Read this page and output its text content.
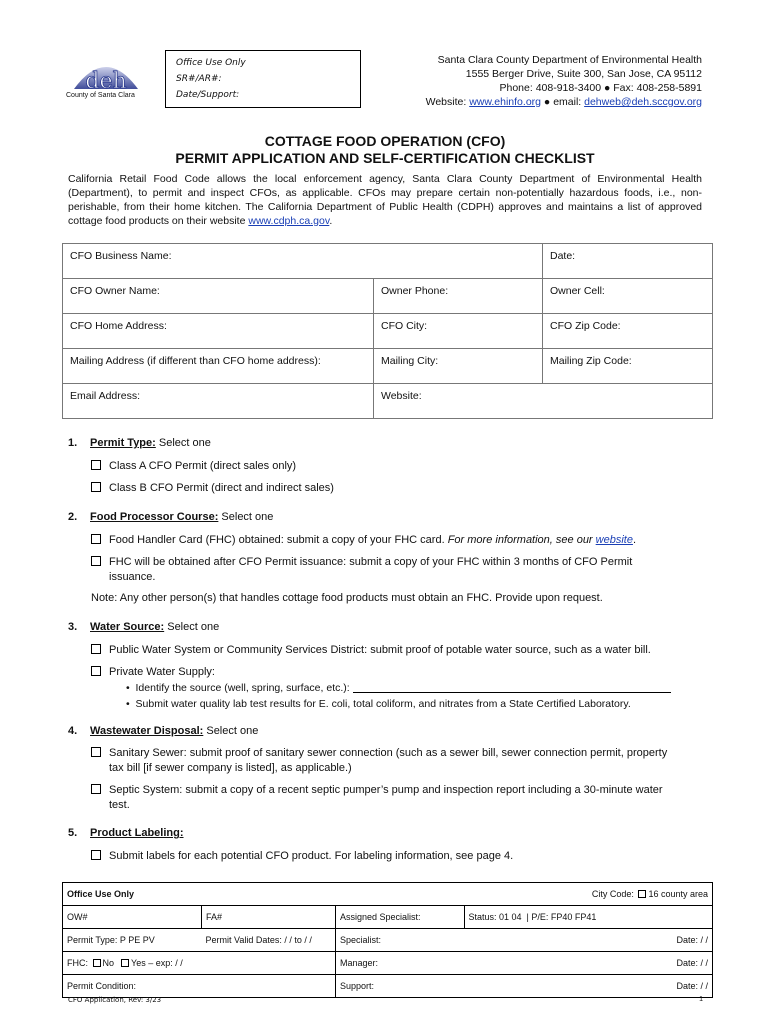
deh
County of Santa Clara
Office Use Only
SR#/AR#:
Date/Support:
Santa Clara County Department of Environmental Health
1555 Berger Drive, Suite 300, San Jose, CA 95112
Phone: 408-918-3400 ● Fax: 408-258-5891
Website: www.ehinfo.org ● email: dehweb@deh.sccgov.org
COTTAGE FOOD OPERATION (CFO)
PERMIT APPLICATION AND SELF-CERTIFICATION CHECKLIST
California Retail Food Code allows the local enforcement agency, Santa Clara County Department of Environmental Health (Department), to permit and inspect CFOs, as applicable. CFOs may prepare certain non-potentially hazardous foods, i.e., non-perishable, from their home kitchen. The California Department of Public Health (CDPH) approves and maintains a list of approved cottage food products on their website www.cdph.ca.gov.
CFO Business Name:		Date:
CFO Owner Name:	Owner Phone:	Owner Cell:
CFO Home Address:	CFO City:	CFO Zip Code:
Mailing Address (if different than CFO home address):	Mailing City:	Mailing Zip Code:
Email Address:	Website:	
1. Permit Type: Select one
Class A CFO Permit (direct sales only)
Class B CFO Permit (direct and indirect sales)
2. Food Processor Course: Select one
Food Handler Card (FHC) obtained: submit a copy of your FHC card. For more information, see our website.
FHC will be obtained after CFO Permit issuance: submit a copy of your FHC within 3 months of CFO Permit
issuance.
Note: Any other person(s) that handles cottage food products must obtain an FHC. Provide upon request.
3. Water Source: Select one
Public Water System or Community Services District: submit proof of potable water source, such as a water bill.
Private Water Supply:
•  Identify the source (well, spring, surface, etc.):
•  Submit water quality lab test results for E. coli, total coliform, and nitrates from a State Certified Laboratory.
4. Wastewater Disposal: Select one
Sanitary Sewer: submit proof of sanitary sewer connection (such as a sewer bill, sewer connection permit, property
tax bill [if sewer company is listed], as applicable.)
Septic System: submit a copy of a recent septic pumper’s pump and inspection report including a 30-minute water
test.
5. Product Labeling:
Submit labels for each potential CFO product. For labeling information, see page 4.
Office Use Only		City Code: 16 county area	
OW#	FA#	Assigned Specialist:	Status: 01 04  | P/E: FP40 FP41
Permit Type: P PE PV	Permit Valid Dates: / / to / /	Specialist:	Date: / /
FHC: No Yes – exp: / /		Manager:	Date: / /
Permit Condition:		Support:	Date: / /
CFO Application, Rev: 3/23	1
